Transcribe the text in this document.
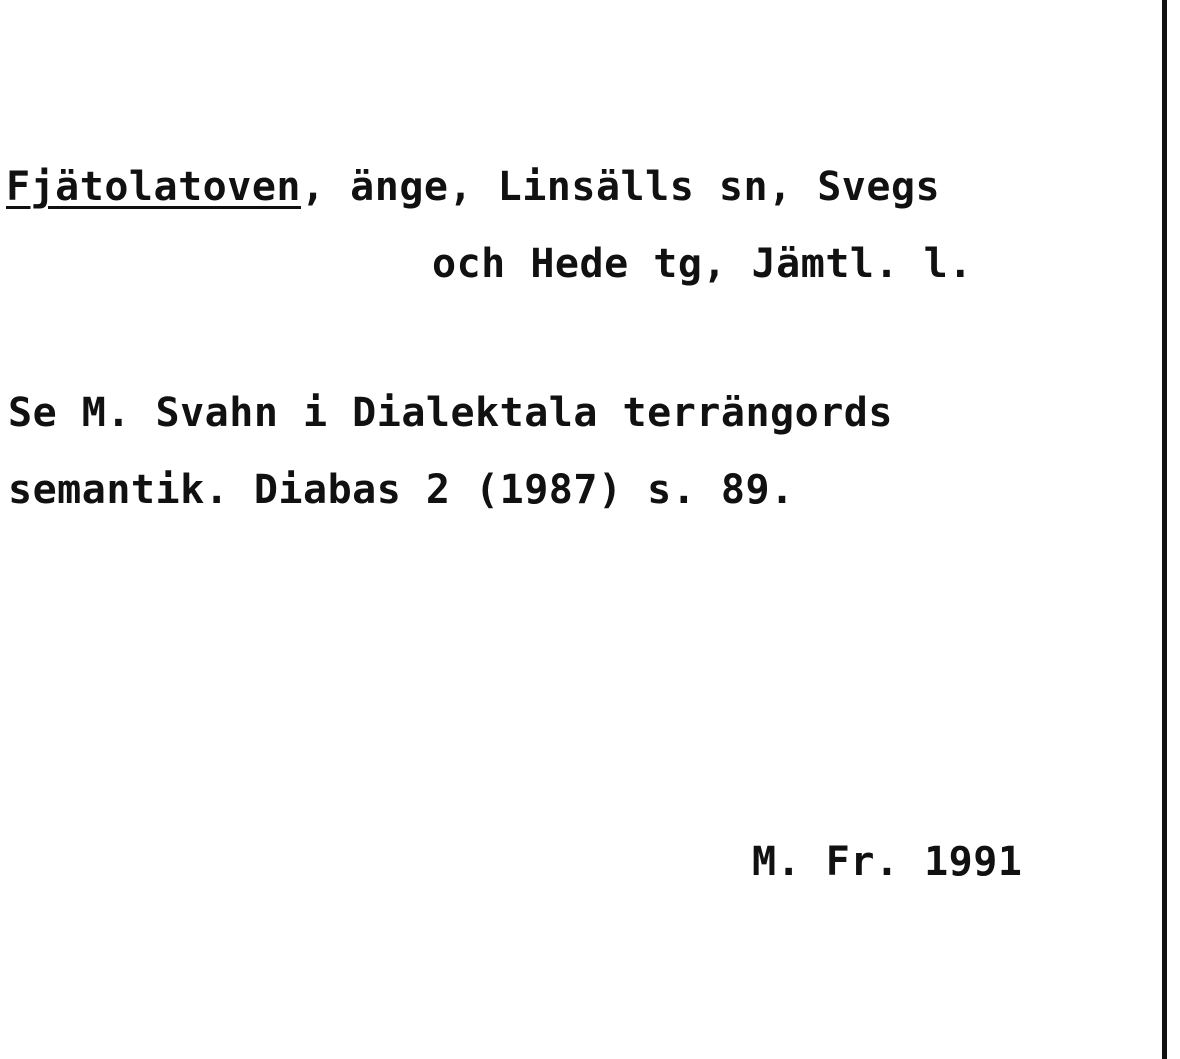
Fjätolatoven, änge, Linsälls sn, Svegs
och Hede tg, Jämtl. l.
Se M. Svahn i Dialektala terrängords
semantik. Diabas 2 (1987) s. 89.
M. Fr. 1991
